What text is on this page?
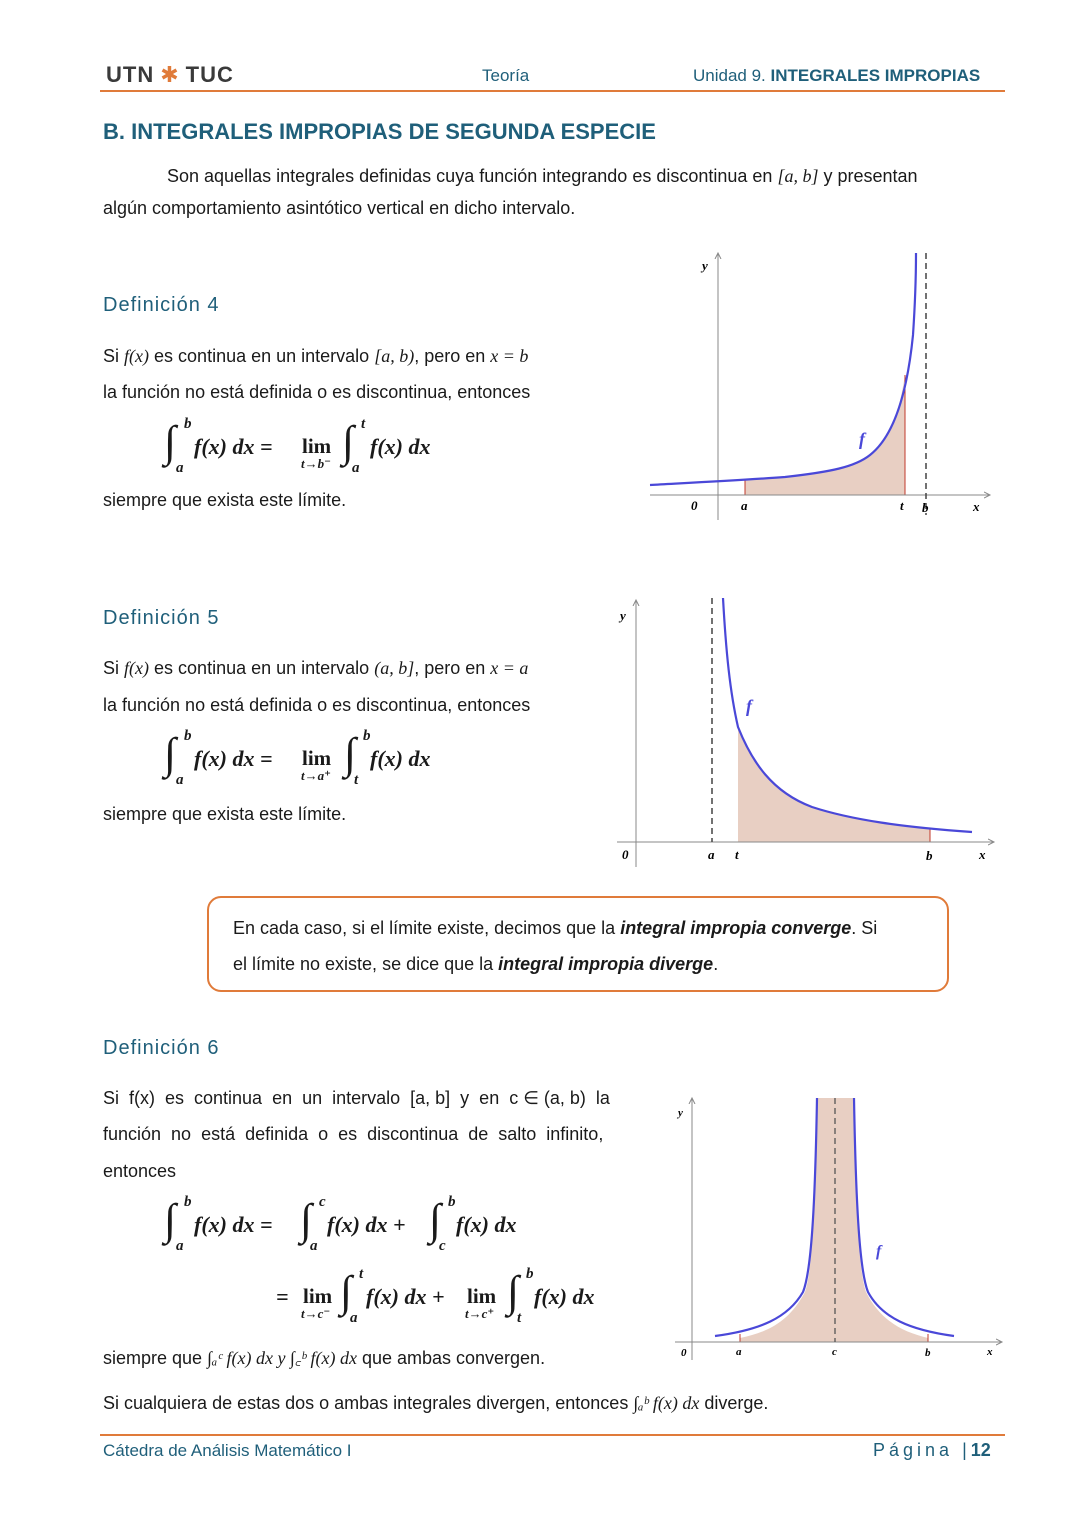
UTN ✱ TUC	Teoría	Unidad 9. INTEGRALES IMPROPIAS
B. INTEGRALES IMPROPIAS DE SEGUNDA ESPECIE
Son aquellas integrales definidas cuya función integrando es discontinua en [a, b] y presentan
algún comportamiento asintótico vertical en dicho intervalo.
Definición 4
Si f(x) es continua en un intervalo [a, b), pero en x = b
la función no está definida o es discontinua, entonces
∫ b
a
f(x) dx = lim
t→b⁻ ∫ t
a
f(x) dx
siempre que exista este límite.
y
0	a	t b	x
f
Definición 5
Si f(x) es continua en un intervalo (a, b], pero en x = a
la función no está definida o es discontinua, entonces
∫ b
a
f(x) dx = lim
t→a⁺ ∫ b
t
f(x) dx
siempre que exista este límite.
y
0	a t	b	x
f
En cada caso, si el límite existe, decimos que la integral impropia converge. Si
el límite no existe, se dice que la integral impropia diverge.
Definición 6
Si  f(x)  es  continua  en  un  intervalo  [a, b]  y  en  c ∈ (a, b)  la
función  no  está  definida  o  es  discontinua  de  salto  infinito,
entonces
∫ b
a
f(x) dx = ∫ c
a
f(x) dx + ∫ b
c
f(x) dx
= lim
t→c⁻ ∫ t
a
f(x) dx + lim
t→c⁺ ∫ b
t
f(x) dx
siempre que ∫ₐᶜ f(x) dx y ∫꜀ᵇ f(x) dx que ambas convergen.
Si cualquiera de estas dos o ambas integrales divergen, entonces ∫ₐᵇ f(x) dx diverge.
y
0	a	c	b	x
f
Cátedra de Análisis Matemático I	Página |12
